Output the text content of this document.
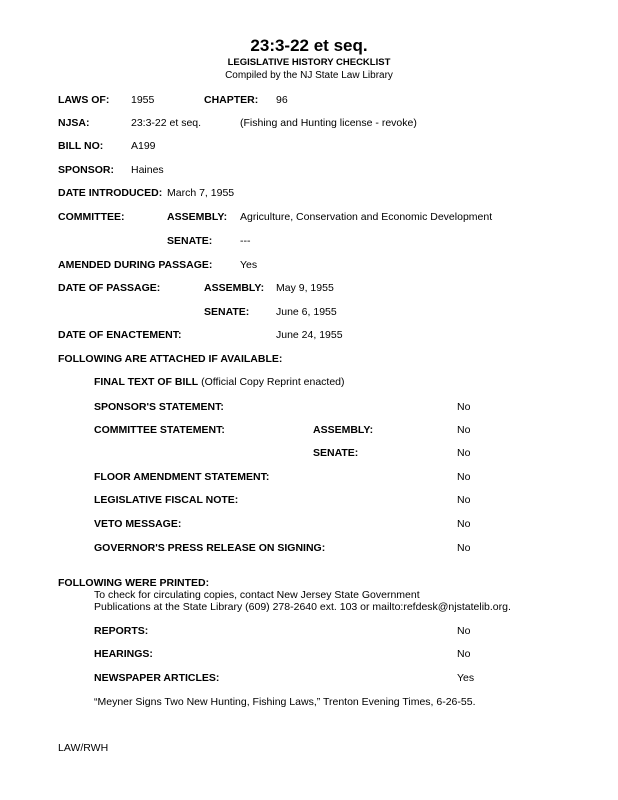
23:3-22 et seq.
LEGISLATIVE HISTORY CHECKLIST
Compiled by the NJ State Law Library
LAWS OF: 1955	CHAPTER: 96
NJSA:	23:3-22 et seq.	(Fishing and Hunting license - revoke)
BILL NO:	A199
SPONSOR: Haines
DATE INTRODUCED: March 7, 1955
COMMITTEE:	ASSEMBLY: Agriculture, Conservation and Economic Development
SENATE:	---
AMENDED DURING PASSAGE:	Yes
DATE OF PASSAGE:	ASSEMBLY: May 9, 1955
SENATE:	June 6, 1955
DATE OF ENACTEMENT:	June 24, 1955
FOLLOWING ARE ATTACHED IF AVAILABLE:
FINAL TEXT OF BILL (Official Copy Reprint enacted)
SPONSOR'S STATEMENT:	No
COMMITTEE STATEMENT:	ASSEMBLY:	No
SENATE:	No
FLOOR AMENDMENT STATEMENT:	No
LEGISLATIVE FISCAL NOTE:	No
VETO MESSAGE:	No
GOVERNOR'S PRESS RELEASE ON SIGNING:	No
FOLLOWING WERE PRINTED:
To check for circulating copies, contact New Jersey State Government
Publications at the State Library (609) 278-2640 ext. 103 or mailto:refdesk@njstatelib.org.
REPORTS:	No
HEARINGS:	No
NEWSPAPER ARTICLES:	Yes
“Meyner Signs Two New Hunting, Fishing Laws,” Trenton Evening Times, 6-26-55.
LAW/RWH
